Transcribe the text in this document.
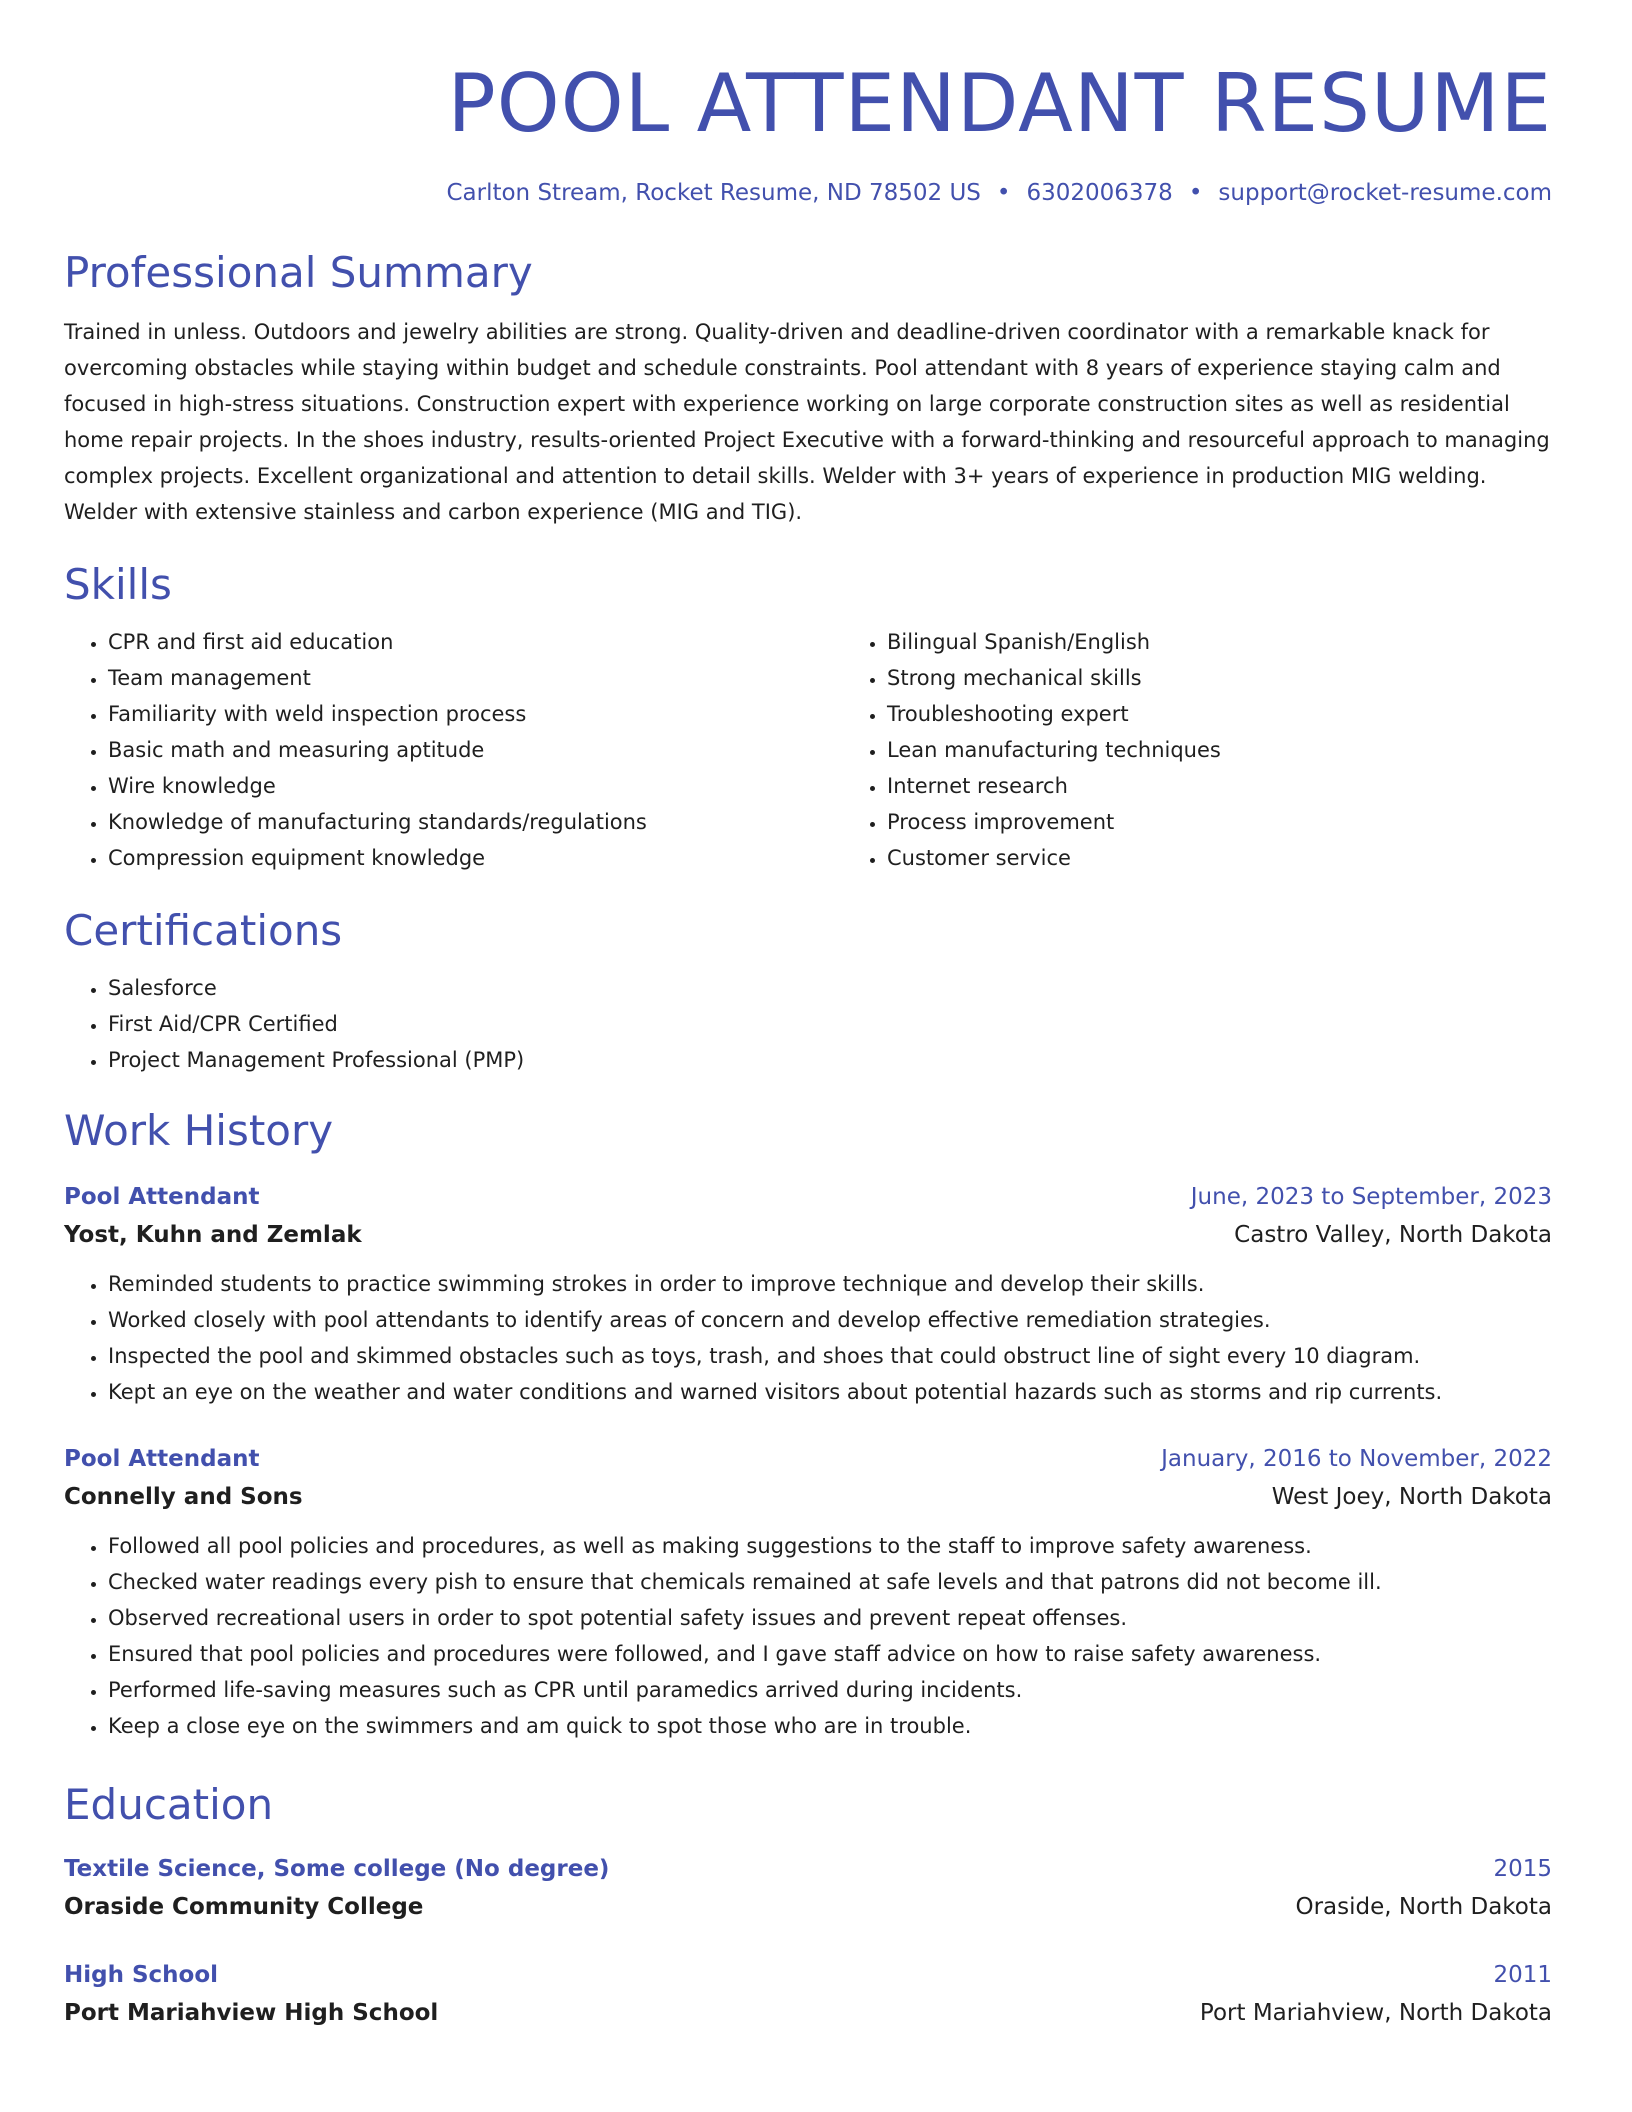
POOL ATTENDANT RESUME
Carlton Stream, Rocket Resume, ND 78502 US • 6302006378 • support@rocket-resume.com
Professional Summary

Trained in unless. Outdoors and jewelry abilities are strong. Quality-driven and deadline-driven coordinator with a remarkable knack for overcoming obstacles while staying within budget and schedule constraints. Pool attendant with 8 years of experience staying calm and focused in high-stress situations. Construction expert with experience working on large corporate construction sites as well as residential home repair projects. In the shoes industry, results-oriented Project Executive with a forward-thinking and resourceful approach to managing complex projects. Excellent organizational and attention to detail skills. Welder with 3+ years of experience in production MIG welding. Welder with extensive stainless and carbon experience (MIG and TIG).

Skills
• CPR and first aid education
• Team management
• Familiarity with weld inspection process
• Basic math and measuring aptitude
• Wire knowledge
• Knowledge of manufacturing standards/regulations
• Compression equipment knowledge
• Bilingual Spanish/English
• Strong mechanical skills
• Troubleshooting expert
• Lean manufacturing techniques
• Internet research
• Process improvement
• Customer service
Certifications
• Salesforce
• First Aid/CPR Certified
• Project Management Professional (PMP)
Work History
Pool Attendant	June, 2023 to September, 2023
Yost, Kuhn and Zemlak	Castro Valley, North Dakota
• Reminded students to practice swimming strokes in order to improve technique and develop their skills.
• Worked closely with pool attendants to identify areas of concern and develop effective remediation strategies.
• Inspected the pool and skimmed obstacles such as toys, trash, and shoes that could obstruct line of sight every 10 diagram.
• Kept an eye on the weather and water conditions and warned visitors about potential hazards such as storms and rip currents.
Pool Attendant	January, 2016 to November, 2022
Connelly and Sons	West Joey, North Dakota
• Followed all pool policies and procedures, as well as making suggestions to the staff to improve safety awareness.
• Checked water readings every pish to ensure that chemicals remained at safe levels and that patrons did not become ill.
• Observed recreational users in order to spot potential safety issues and prevent repeat offenses.
• Ensured that pool policies and procedures were followed, and I gave staff advice on how to raise safety awareness.
• Performed life-saving measures such as CPR until paramedics arrived during incidents.
• Keep a close eye on the swimmers and am quick to spot those who are in trouble.
Education
Textile Science, Some college (No degree)	2015
Oraside Community College	Oraside, North Dakota
High School	2011
Port Mariahview High School	Port Mariahview, North Dakota
